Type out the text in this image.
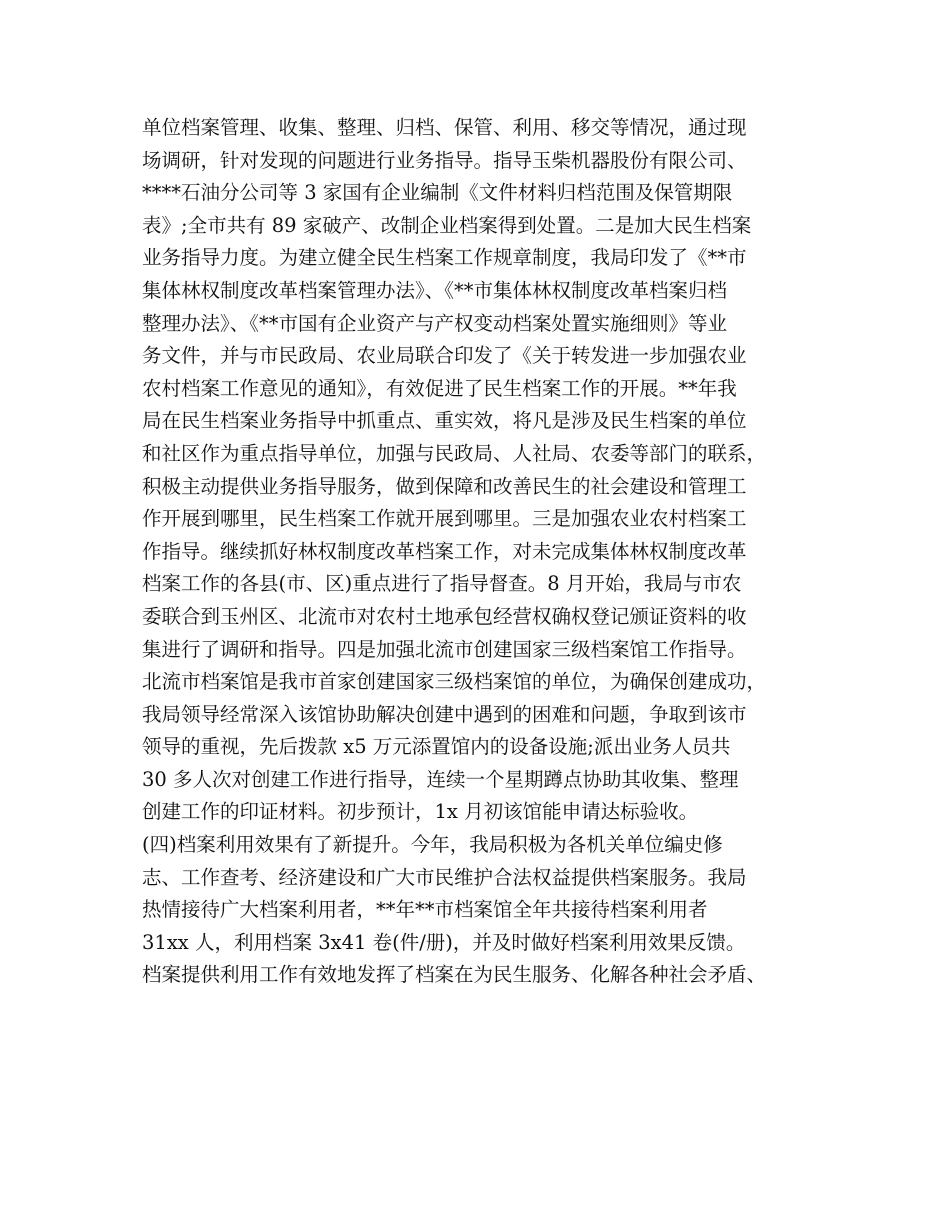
单位档案管理、收集、整理、归档、保管、利用、移交等情况，通过现
场调研，针对发现的问题进行业务指导。指导玉柴机器股份有限公司、
****石油分公司等 3 家国有企业编制《文件材料归档范围及保管期限
表》;全市共有 89 家破产、改制企业档案得到处置。二是加大民生档案
业务指导力度。为建立健全民生档案工作规章制度，我局印发了《**市
集体林权制度改革档案管理办法》、《**市集体林权制度改革档案归档
整理办法》、《**市国有企业资产与产权变动档案处置实施细则》等业
务文件，并与市民政局、农业局联合印发了《关于转发进一步加强农业
农村档案工作意见的通知》，有效促进了民生档案工作的开展。**年我
局在民生档案业务指导中抓重点、重实效，将凡是涉及民生档案的单位
和社区作为重点指导单位，加强与民政局、人社局、农委等部门的联系，
积极主动提供业务指导服务，做到保障和改善民生的社会建设和管理工
作开展到哪里，民生档案工作就开展到哪里。三是加强农业农村档案工
作指导。继续抓好林权制度改革档案工作，对未完成集体林权制度改革
档案工作的各县(市、区)重点进行了指导督查。8 月开始，我局与市农
委联合到玉州区、北流市对农村土地承包经营权确权登记颁证资料的收
集进行了调研和指导。四是加强北流市创建国家三级档案馆工作指导。
北流市档案馆是我市首家创建国家三级档案馆的单位，为确保创建成功，
我局领导经常深入该馆协助解决创建中遇到的困难和问题，争取到该市
领导的重视，先后拨款 x5 万元添置馆内的设备设施;派出业务人员共
30 多人次对创建工作进行指导，连续一个星期蹲点协助其收集、整理
创建工作的印证材料。初步预计，1x 月初该馆能申请达标验收。
(四)档案利用效果有了新提升。今年，我局积极为各机关单位编史修
志、工作查考、经济建设和广大市民维护合法权益提供档案服务。我局
热情接待广大档案利用者，**年**市档案馆全年共接待档案利用者
31xx 人，利用档案 3x41 卷(件/册)，并及时做好档案利用效果反馈。
档案提供利用工作有效地发挥了档案在为民生服务、化解各种社会矛盾、
